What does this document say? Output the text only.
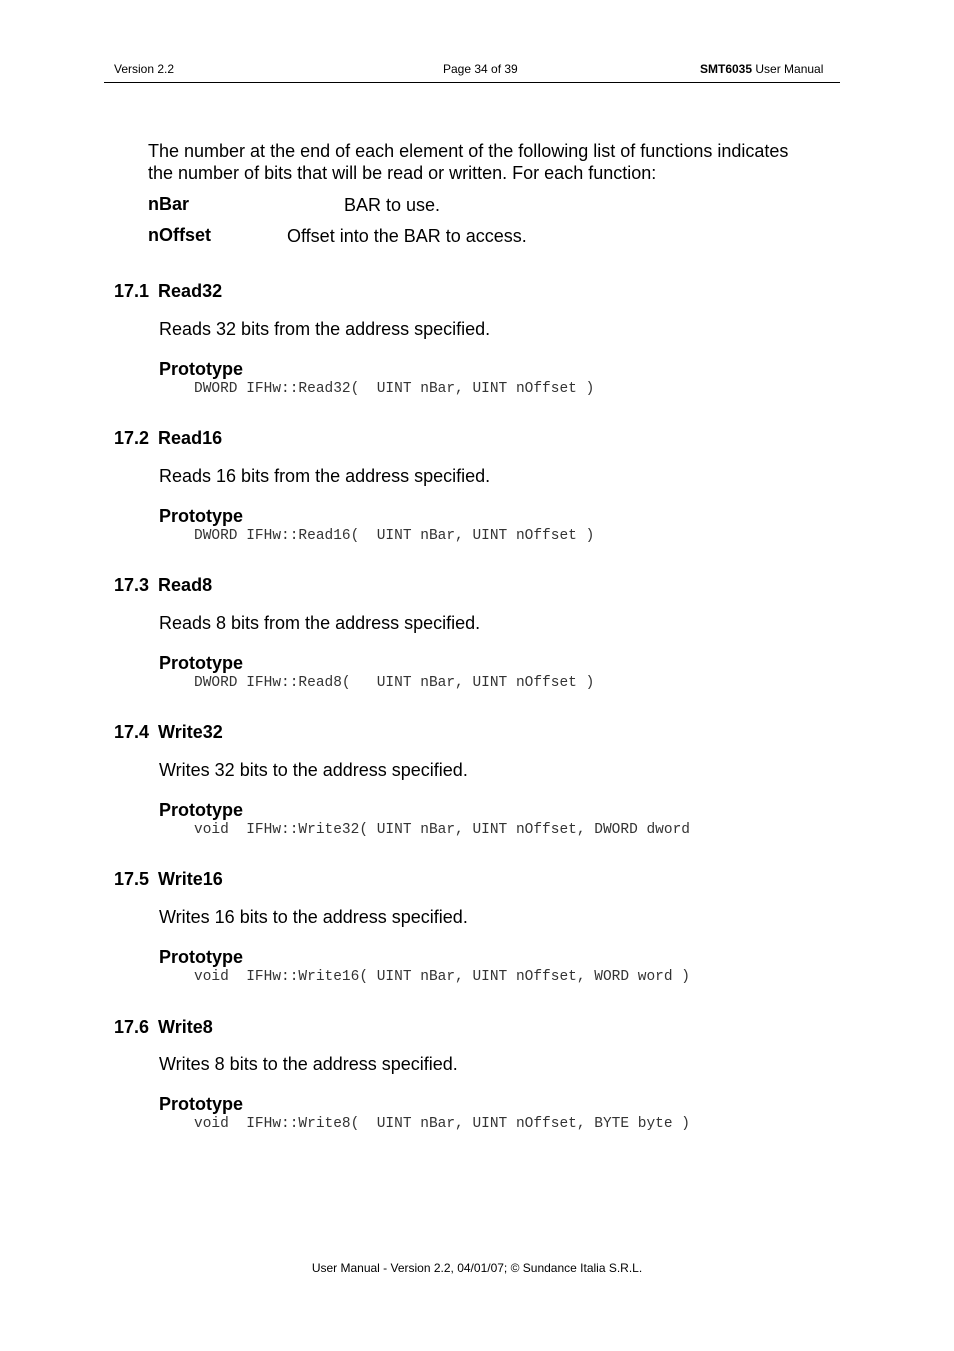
Version 2.2	Page 34 of 39	SMT6035 User Manual
The number at the end of each element of the following list of functions indicates
the number of bits that will be read or written. For each function:
nBar	BAR to use.
nOffset	Offset into the BAR to access.
17.1 Read32
Reads 32 bits from the address specified.
Prototype
DWORD IFHw::Read32(  UINT nBar, UINT nOffset )
17.2 Read16
Reads 16 bits from the address specified.
Prototype
DWORD IFHw::Read16(  UINT nBar, UINT nOffset )
17.3 Read8
Reads 8 bits from the address specified.
Prototype
DWORD IFHw::Read8(   UINT nBar, UINT nOffset )
17.4 Write32
Writes 32 bits to the address specified.
Prototype
void  IFHw::Write32( UINT nBar, UINT nOffset, DWORD dword
17.5 Write16
Writes 16 bits to the address specified.
Prototype
void  IFHw::Write16( UINT nBar, UINT nOffset, WORD word )
17.6 Write8
Writes 8 bits to the address specified.
Prototype
void  IFHw::Write8(  UINT nBar, UINT nOffset, BYTE byte )
User Manual - Version 2.2, 04/01/07; © Sundance Italia S.R.L.
